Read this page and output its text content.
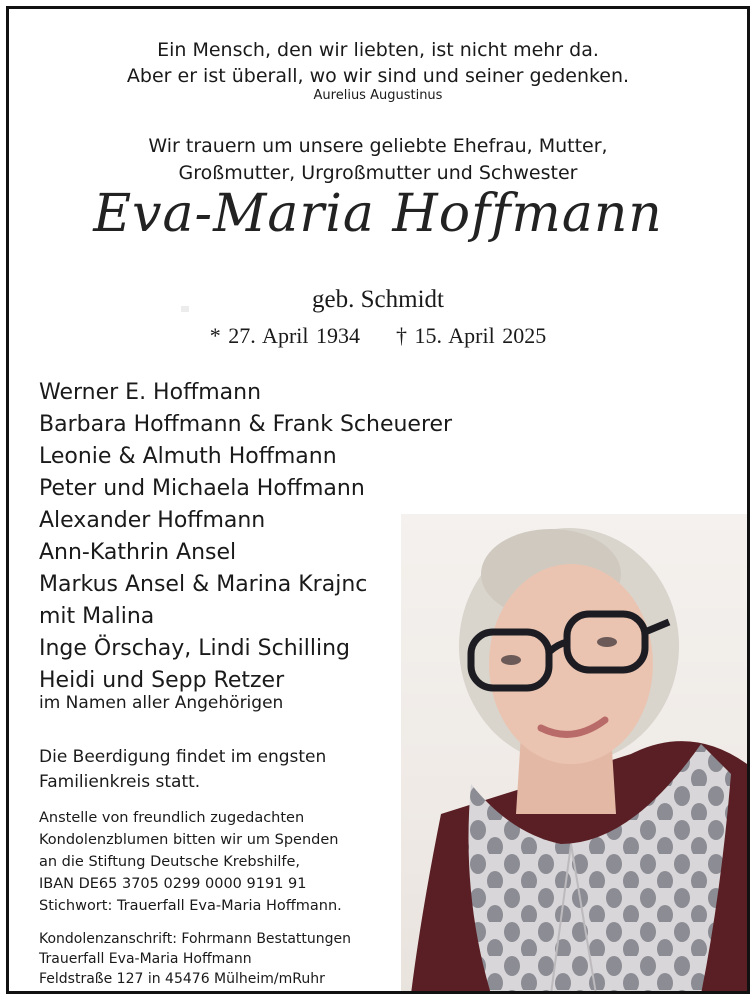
Ein Mensch, den wir liebten, ist nicht mehr da.
Aber er ist überall, wo wir sind und seiner gedenken.
Aurelius Augustinus
Wir trauern um unsere geliebte Ehefrau, Mutter,
Großmutter, Urgroßmutter und Schwester
Eva-Maria Hoffmann
geb. Schmidt
* 27. April 1934 † 15. April 2025
Werner E. Hoffmann
Barbara Hoffmann & Frank Scheuerer
Leonie & Almuth Hoffmann
Peter und Michaela Hoffmann
Alexander Hoffmann
Ann-Kathrin Ansel
Markus Ansel & Marina Krajnc
mit Malina
Inge Örschay, Lindi Schilling
Heidi und Sepp Retzer
im Namen aller Angehörigen
Die Beerdigung findet im engsten
Familienkreis statt.
Anstelle von freundlich zugedachten
Kondolenzblumen bitten wir um Spenden
an die Stiftung Deutsche Krebshilfe,
IBAN DE65 3705 0299 0000 9191 91
Stichwort: Trauerfall Eva-Maria Hoffmann.
Kondolenzanschrift: Fohrmann Bestattungen
Trauerfall Eva-Maria Hoffmann
Feldstraße 127 in 45476 Mülheim/mRuhr
